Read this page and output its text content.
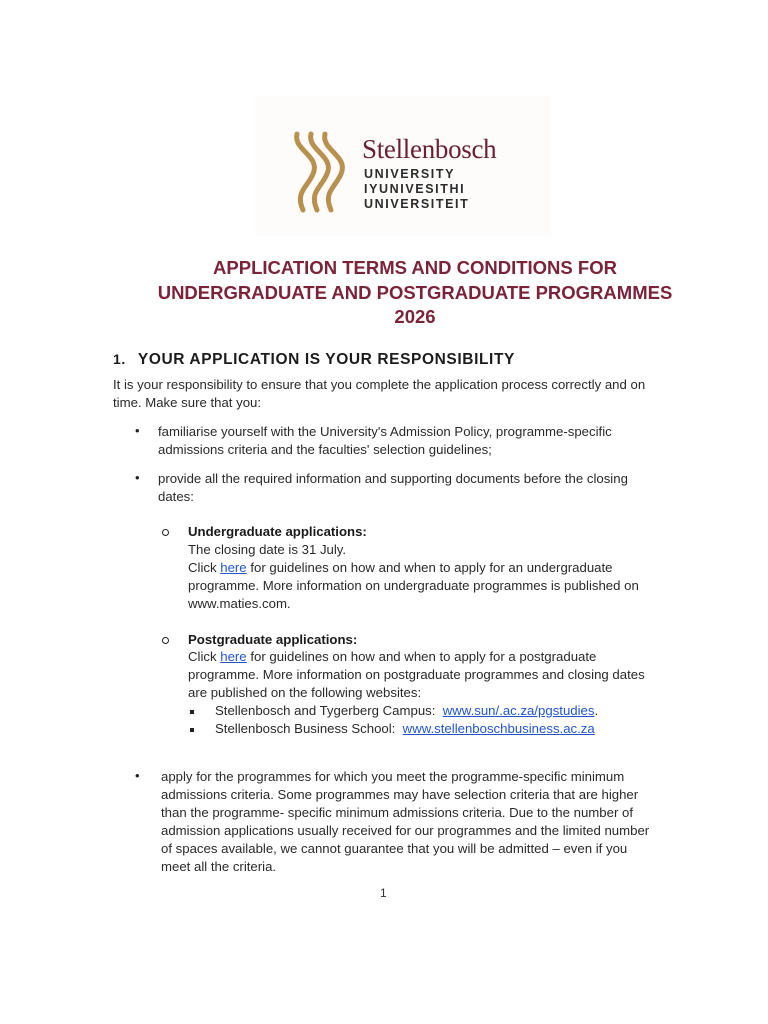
Stellenbosch
UNIVERSITY
IYUNIVESITHI
UNIVERSITEIT
APPLICATION TERMS AND CONDITIONS FOR
UNDERGRADUATE AND POSTGRADUATE PROGRAMMES
2026
1. YOUR APPLICATION IS YOUR RESPONSIBILITY
It is your responsibility to ensure that you complete the application process correctly and on
time. Make sure that you:
• familiarise yourself with the University's Admission Policy, programme-specific
admissions criteria and the faculties' selection guidelines;
• provide all the required information and supporting documents before the closing
dates:
Undergraduate applications:
The closing date is 31 July.
Click here for guidelines on how and when to apply for an undergraduate
programme. More information on undergraduate programmes is published on
www.maties.com.
Postgraduate applications:
Click here for guidelines on how and when to apply for a postgraduate
programme. More information on postgraduate programmes and closing dates
are published on the following websites:
Stellenbosch and Tygerberg Campus: www.sun/.ac.za/pgstudies.
Stellenbosch Business School: www.stellenboschbusiness.ac.za
• apply for the programmes for which you meet the programme-specific minimum
admissions criteria. Some programmes may have selection criteria that are higher
than the programme- specific minimum admissions criteria. Due to the number of
admission applications usually received for our programmes and the limited number
of spaces available, we cannot guarantee that you will be admitted – even if you
meet all the criteria.
1
